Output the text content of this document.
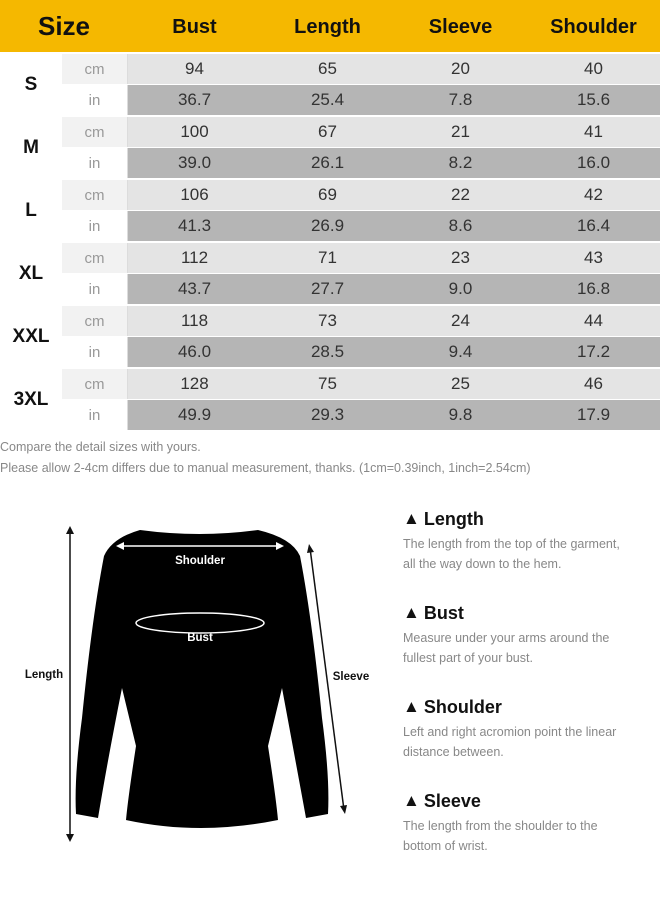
Size	Bust	Length	Sleeve	Shoulder
S
cm	94	65	20	40
in	36.7	25.4	7.8	15.6
M
cm	100	67	21	41
in	39.0	26.1	8.2	16.0
L
cm	106	69	22	42
in	41.3	26.9	8.6	16.4
XL
cm	112	71	23	43
in	43.7	27.7	9.0	16.8
XXL
cm	118	73	24	44
in	46.0	28.5	9.4	17.2
3XL
cm	128	75	25	46
in	49.9	29.3	9.8	17.9
Compare the detail sizes with yours.
Please allow 2-4cm differs due to manual measurement, thanks. (1cm=0.39inch, 1inch=2.54cm)
Shoulder
Bust
Length	Sleeve
▲ Length
The length from the top of the garment,
all the way down to the hem.
▲ Bust
Measure under your arms around the
fullest part of your bust.
▲ Shoulder
Left and right acromion point the linear
distance between.
▲ Sleeve
The length from the shoulder to the
bottom of wrist.
